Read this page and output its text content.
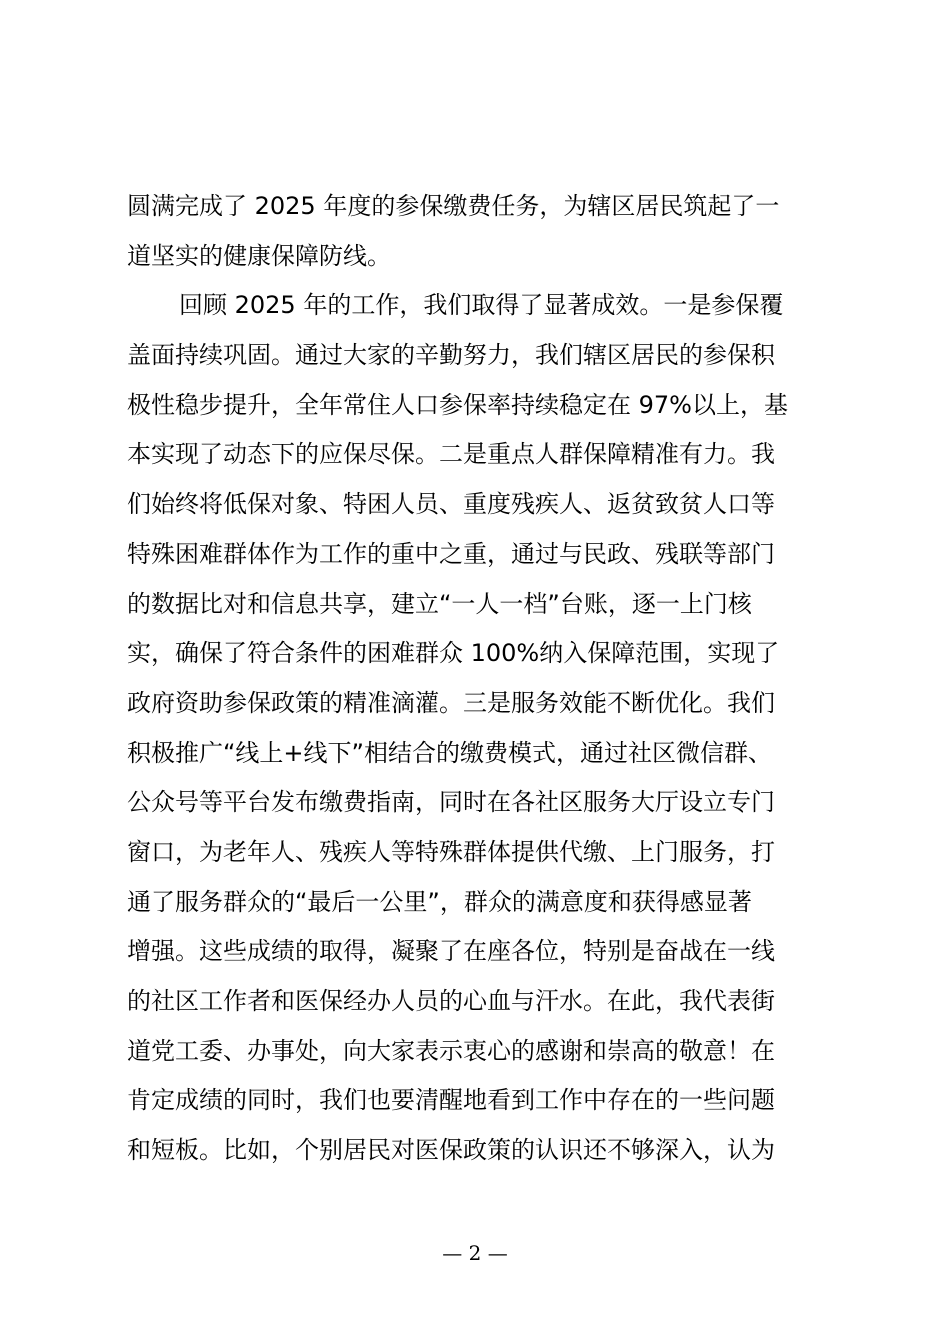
圆满完成了 2025 年度的参保缴费任务，为辖区居民筑起了一
道坚实的健康保障防线。
回顾 2025 年的工作，我们取得了显著成效。一是参保覆
盖面持续巩固。通过大家的辛勤努力，我们辖区居民的参保积
极性稳步提升，全年常住人口参保率持续稳定在 97%以上，基
本实现了动态下的应保尽保。二是重点人群保障精准有力。我
们始终将低保对象、特困人员、重度残疾人、返贫致贫人口等
特殊困难群体作为工作的重中之重，通过与民政、残联等部门
的数据比对和信息共享，建立“一人一档”台账，逐一上门核
实，确保了符合条件的困难群众 100%纳入保障范围，实现了
政府资助参保政策的精准滴灌。三是服务效能不断优化。我们
积极推广“线上+线下”相结合的缴费模式，通过社区微信群、
公众号等平台发布缴费指南，同时在各社区服务大厅设立专门
窗口，为老年人、残疾人等特殊群体提供代缴、上门服务，打
通了服务群众的“最后一公里”，群众的满意度和获得感显著
增强。这些成绩的取得，凝聚了在座各位，特别是奋战在一线
的社区工作者和医保经办人员的心血与汗水。在此，我代表街
道党工委、办事处，向大家表示衷心的感谢和崇高的敬意！在
肯定成绩的同时，我们也要清醒地看到工作中存在的一些问题
和短板。比如，个别居民对医保政策的认识还不够深入，认为
— 2 —
